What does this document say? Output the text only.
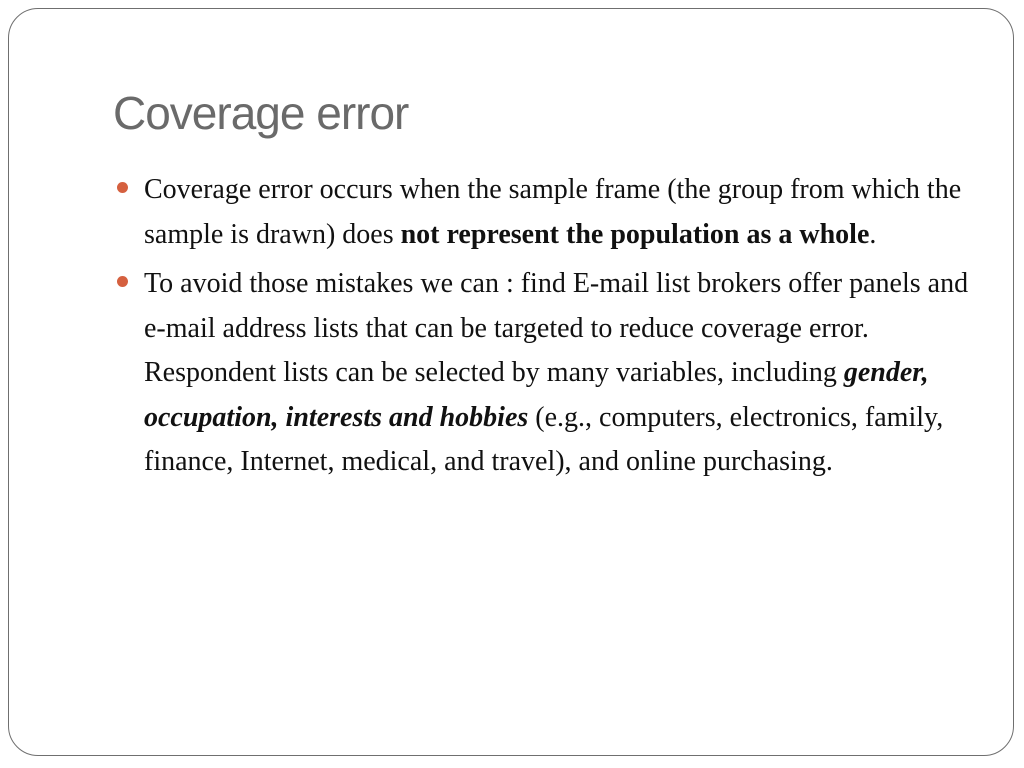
Coverage error
Coverage error occurs when the sample frame (the group from which the sample is drawn) does not represent the population as a whole.
To avoid those mistakes we can : find E-mail list brokers offer panels and e-mail address lists that can be targeted to reduce coverage error. Respondent lists can be selected by many variables, including gender, occupation, interests and hobbies (e.g., computers, electronics, family, finance, Internet, medical, and travel), and online purchasing.
